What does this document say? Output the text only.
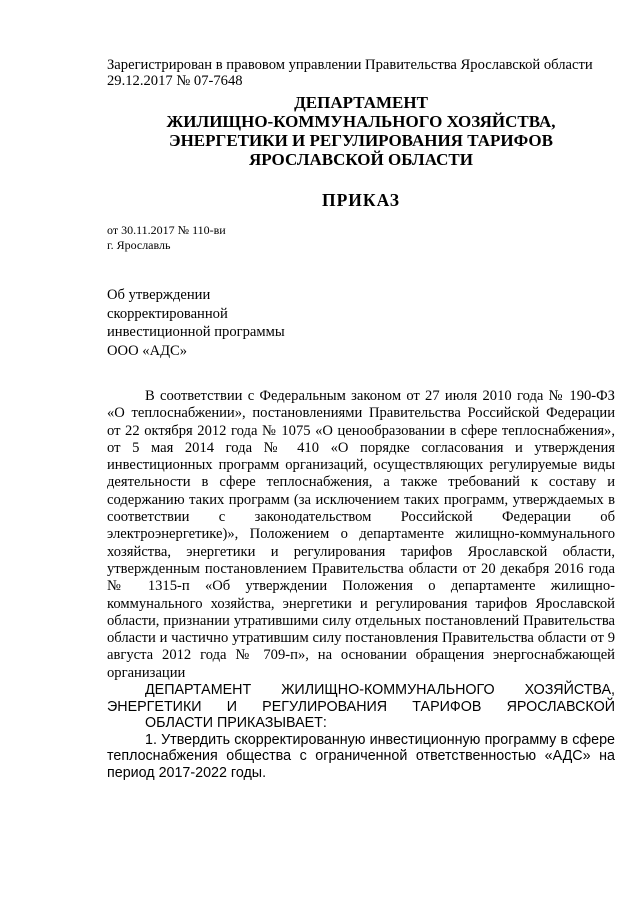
Зарегистрирован в правовом управлении Правительства Ярославской области
29.12.2017 № 07-7648
ДЕПАРТАМЕНТ
ЖИЛИЩНО-КОММУНАЛЬНОГО ХОЗЯЙСТВА,
ЭНЕРГЕТИКИ И РЕГУЛИРОВАНИЯ ТАРИФОВ
ЯРОСЛАВСКОЙ ОБЛАСТИ
ПРИКАЗ
от 30.11.2017 № 110-ви
г. Ярославль
Об утверждении
скорректированной
инвестиционной программы
ООО «АДС»

В соответствии с Федеральным законом от 27 июля 2010 года № 190-ФЗ «О теплоснабжении», постановлениями Правительства Российской Федерации от 22 октября 2012 года № 1075 «О ценообразовании в сфере теплоснабжения», от 5 мая 2014 года № 410 «О порядке согласования и утверждения инвестиционных программ организаций, осуществляющих регулируемые виды деятельности в сфере теплоснабжения, а также требований к составу и содержанию таких программ (за исключением таких программ, утверждаемых в соответствии с законодательством Российской Федерации об электроэнергетике)», Положением о департаменте жилищно-коммунального хозяйства, энергетики и регулирования тарифов Ярославской области, утвержденным постановлением Правительства области от 20 декабря 2016 года № 1315-п «Об утверждении Положения о департаменте жилищно-коммунального хозяйства, энергетики и регулирования тарифов Ярославской области, признании утратившими силу отдельных постановлений Правительства области и частично утратившим силу постановления Правительства области от 9 августа 2012 года № 709-п», на основании обращения энергоснабжающей организации

ДЕПАРТАМЕНТ ЖИЛИЩНО-КОММУНАЛЬНОГО ХОЗЯЙСТВА, ЭНЕРГЕТИКИ И РЕГУЛИРОВАНИЯ ТАРИФОВ ЯРОСЛАВСКОЙ

ОБЛАСТИ ПРИКАЗЫВАЕТ:

1. Утвердить скорректированную инвестиционную программу в сфере теплоснабжения общества с ограниченной ответственностью «АДС» на период 2017-2022 годы.
